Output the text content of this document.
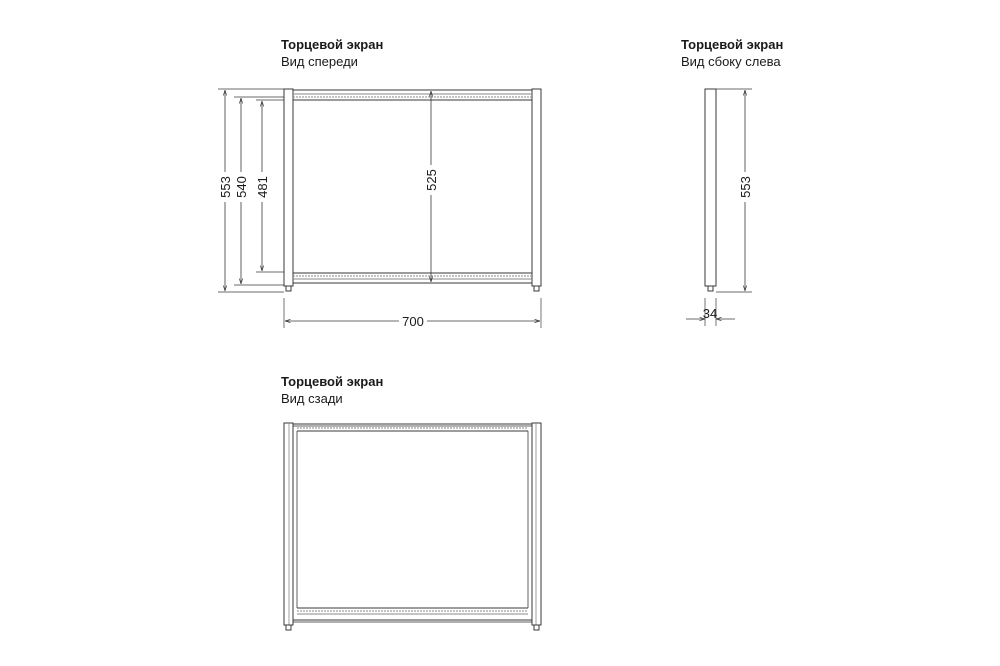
Торцевой экран
Вид спереди
Торцевой экран
Вид сбоку слева
Торцевой экран
Вид сзади
553 540 481	525
700
553
34
